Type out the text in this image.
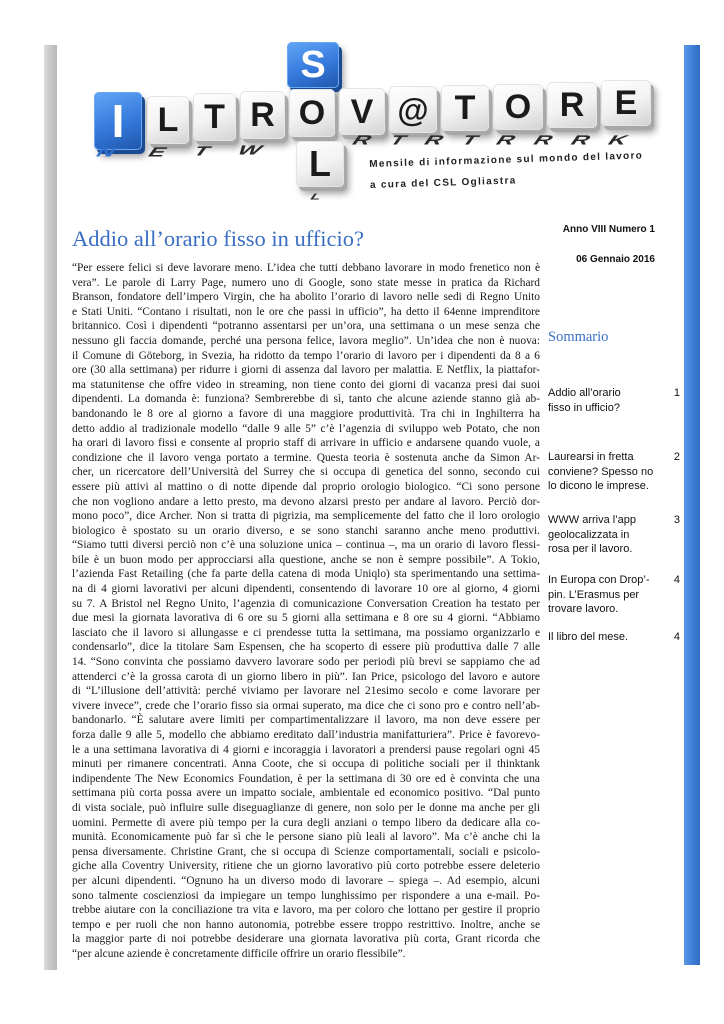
S
I L T R O V @ T O R E
L
N E T W
RTRTRRRK
L
Mensile di informazione sul mondo del lavoro
a cura del CSL Ogliastra
Addio all’orario fisso in ufficio?
“Per essere felici si deve lavorare meno. L’idea che tutti debbano lavorare in modo frenetico non è
vera”. Le parole di Larry Page, numero uno di Google, sono state messe in pratica da Richard
Branson, fondatore dell’impero Virgin, che ha abolito l’orario di lavoro nelle sedi di Regno Unito
e Stati Uniti. “Contano i risultati, non le ore che passi in ufficio”, ha detto il 64enne imprenditore
britannico. Così i dipendenti “potranno assentarsi per un’ora, una settimana o un mese senza che
nessuno gli faccia domande, perché una persona felice, lavora meglio”. Un’idea che non è nuova:
il Comune di Göteborg, in Svezia, ha ridotto da tempo l’orario di lavoro per i dipendenti da 8 a 6
ore (30 alla settimana) per ridurre i giorni di assenza dal lavoro per malattia. E Netflix, la piattafor-
ma statunitense che offre video in streaming, non tiene conto dei giorni di vacanza presi dai suoi
dipendenti. La domanda è: funziona? Sembrerebbe di sì, tanto che alcune aziende stanno già ab-
bandonando le 8 ore al giorno a favore di una maggiore produttività. Tra chi in Inghilterra ha
detto addio al tradizionale modello “dalle 9 alle 5” c’è l’agenzia di sviluppo web Potato, che non
ha orari di lavoro fissi e consente al proprio staff di arrivare in ufficio e andarsene quando vuole, a
condizione che il lavoro venga portato a termine. Questa teoria è sostenuta anche da Simon Ar-
cher, un ricercatore dell’Università del Surrey che si occupa di genetica del sonno, secondo cui
essere più attivi al mattino o di notte dipende dal proprio orologio biologico. “Ci sono persone
che non vogliono andare a letto presto, ma devono alzarsi presto per andare al lavoro. Perciò dor-
mono poco”, dice Archer. Non si tratta di pigrizia, ma semplicemente del fatto che il loro orologio
biologico è spostato su un orario diverso, e se sono stanchi saranno anche meno produttivi.
“Siamo tutti diversi perciò non c’è una soluzione unica – continua –, ma un orario di lavoro flessi-
bile è un buon modo per approcciarsi alla questione, anche se non è sempre possibile”. A Tokio,
l’azienda Fast Retailing (che fa parte della catena di moda Uniqlo) sta sperimentando una settima-
na di 4 giorni lavorativi per alcuni dipendenti, consentendo di lavorare 10 ore al giorno, 4 giorni
su 7. A Bristol nel Regno Unito, l’agenzia di comunicazione Conversation Creation ha testato per
due mesi la giornata lavorativa di 6 ore su 5 giorni alla settimana e 8 ore su 4 giorni. “Abbiamo
lasciato che il lavoro si allungasse e ci prendesse tutta la settimana, ma possiamo organizzarlo e
condensarlo”, dice la titolare Sam Espensen, che ha scoperto di essere più produttiva dalle 7 alle
14. “Sono convinta che possiamo davvero lavorare sodo per periodi più brevi se sappiamo che ad
attenderci c’è la grossa carota di un giorno libero in più”. Ian Price, psicologo del lavoro e autore
di “L’illusione dell’attività: perché viviamo per lavorare nel 21esimo secolo e come lavorare per
vivere invece”, crede che l’orario fisso sia ormai superato, ma dice che ci sono pro e contro nell’ab-
bandonarlo. “È salutare avere limiti per compartimentalizzare il lavoro, ma non deve essere per
forza dalle 9 alle 5, modello che abbiamo ereditato dall’industria manifatturiera”. Price è favorevo-
le a una settimana lavorativa di 4 giorni e incoraggia i lavoratori a prendersi pause regolari ogni 45
minuti per rimanere concentrati. Anna Coote, che si occupa di politiche sociali per il thinktank
indipendente The New Economics Foundation, è per la settimana di 30 ore ed è convinta che una
settimana più corta possa avere un impatto sociale, ambientale ed economico positivo. “Dal punto
di vista sociale, può influire sulle diseguaglianze di genere, non solo per le donne ma anche per gli
uomini. Permette di avere più tempo per la cura degli anziani o tempo libero da dedicare alla co-
munità. Economicamente può far sì che le persone siano più leali al lavoro”. Ma c’è anche chi la
pensa diversamente. Christine Grant, che si occupa di Scienze comportamentali, sociali e psicolo-
giche alla Coventry University, ritiene che un giorno lavorativo più corto potrebbe essere deleterio
per alcuni dipendenti. “Ognuno ha un diverso modo di lavorare – spiega –. Ad esempio, alcuni
sono talmente coscienziosi da impiegare un tempo lunghissimo per rispondere a una e-mail. Po-
trebbe aiutare con la conciliazione tra vita e lavoro, ma per coloro che lottano per gestire il proprio
tempo e per ruoli che non hanno autonomia, potrebbe essere troppo restrittivo. Inoltre, anche se
la maggior parte di noi potrebbe desiderare una giornata lavorativa più corta, Grant ricorda che
“per alcune aziende è concretamente difficile offrire un orario flessibile”.
Anno VIII Numero 1
06 Gennaio 2016
Sommario
Addio all’orario
fisso in ufficio?
1
Laurearsi in fretta
conviene? Spesso no
lo dicono le imprese.
2
WWW arriva l’app
geolocalizzata in
rosa per il lavoro.
3
In Europa con Drop’-
pin. L’Erasmus per
trovare lavoro.
4
Il libro del mese.	4
